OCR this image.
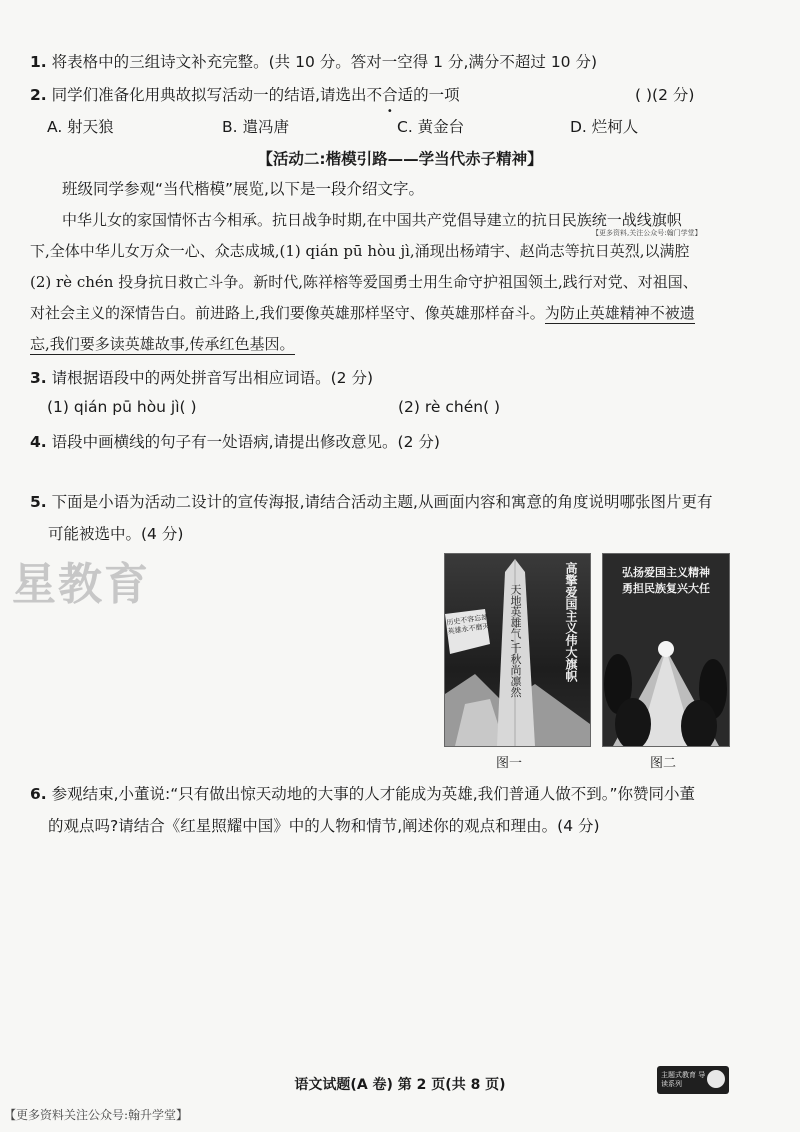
1. 将表格中的三组诗文补充完整。(共 10 分。答对一空得 1 分,满分不超过 10 分)
2. 同学们准备化用典故拟写活动一的结语,请选出不合适的一项	( )(2 分)
A. 射天狼	B. 遣冯唐	C. 黄金台	D. 烂柯人
【活动二:楷模引路——学当代赤子精神】
班级同学参观“当代楷模”展览,以下是一段介绍文字。
中华儿女的家国情怀古今相承。抗日战争时期,在中国共产党倡导建立的抗日民族统一战线旗帜
【更多资料,关注公众号:翰门学堂】
下,全体中华儿女万众一心、众志成城,(1) qián pū hòu jì,涌现出杨靖宇、赵尚志等抗日英烈,以满腔
(2) rè chén 投身抗日救亡斗争。新时代,陈祥榕等爱国勇士用生命守护祖国领土,践行对党、对祖国、
对社会主义的深情告白。前进路上,我们要像英雄那样坚守、像英雄那样奋斗。为防止英雄精神不被遗
忘,我们要多读英雄故事,传承红色基因。
3. 请根据语段中的两处拼音写出相应词语。(2 分)
(1) qián pū hòu jì( )	(2) rè chén( )
4. 语段中画横线的句子有一处语病,请提出修改意见。(2 分)
5. 下面是小语为活动二设计的宣传海报,请结合活动主题,从画面内容和寓意的角度说明哪张图片更有
可能被选中。(4 分)
星教育
历史不容忘却 英雄永不磨灭 天地英雄气,千秋尚凛然	高擎爱国主义伟大旗帜
图一
弘扬爱国主义精神
勇担民族复兴大任
图二
6. 参观结束,小董说:“只有做出惊天动地的大事的人才能成为英雄,我们普通人做不到。”你赞同小董
的观点吗?请结合《红星照耀中国》中的人物和情节,阐述你的观点和理由。(4 分)
语文试题(A 卷) 第 2 页(共 8 页)
主题式教育 导读系列
【更多资料关注公众号:翰升学堂】
